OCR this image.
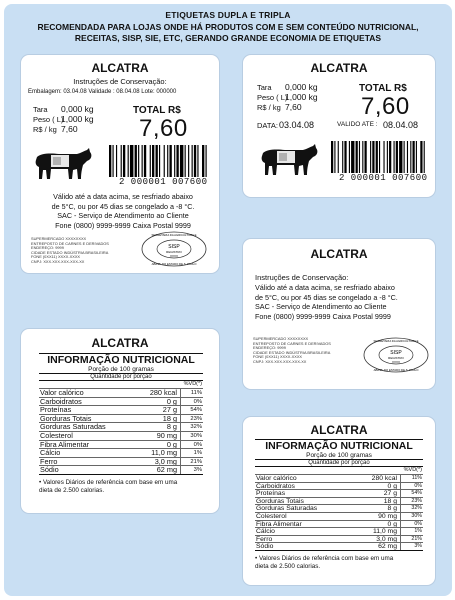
ETIQUETAS DUPLA E TRIPLA
RECOMENDADA PARA LOJAS ONDE HÁ PRODUTOS COM E SEM CONTEÚDO NUTRICIONAL, RECEITAS, SISP, SIE, ETC, GERANDO GRANDE ECONOMIA DE ETIQUETAS
ALCATRA
Instruções de Conservação:
Embalagem: 03.04.08 Validade : 08.04.08 Lote: 000000
Tara 0,000 kg
Peso ( L)
1,000 kg
R$ / kg 7,60
TOTAL R$
7,60
2 000001 007600
Válido até a data acima, se resfriado abaixo
de 5°C, ou por 45 dias se congelado a -8 °C.
SAC - Serviço de Atendimento ao Cliente
Fone (0800) 9999-9999 Caixa Postal 9999
SUPERMERCADO XXXXXXXX
ENTREPOSTO DE CARNES E DERIVADOS
ENDEREÇO: 9999
CIDADE ESTADO INDÚSTRIA BRASILEIRA
FONE (0XX11) XXXX-XXXX
CNPJ: XXX.XXX.XXX-XXX-XX
SISP
REGISTRO
XXXX
SECRETARIA DA AGRICULTURA E
ABAST. DO ESTADO DE S. PAULO
ALCATRA
Tara 0,000 kg
Peso ( L)
1,000 kg
R$ / kg 7,60
TOTAL R$
7,60
DATA: 03.04.08	VALIDO ATE : 08.04.08
2 000001 007600
ALCATRA
Instruções de Conservação:
Válido até a data acima, se resfriado abaixo
de 5°C, ou por 45 dias se congelado a -8 °C.
SAC - Serviço de Atendimento ao Cliente
Fone (0800) 9999-9999 Caixa Postal 9999
SUPERMERCADO XXXXXXXX
ENTREPOSTO DE CARNES E DERIVADOS
ENDEREÇO: 9999
CIDADE ESTADO INDÚSTRIA BRASILEIRA
FONE (0XX11) XXXX-XXXX
CNPJ: XXX.XXX.XXX-XXX-XX
SISP
REGISTRO
XXXX
SECRETARIA DA AGRICULTURA E
ABAST. DO ESTADO DE S. PAULO
ALCATRA
INFORMAÇÃO NUTRICIONAL
Porção de 100 gramas
Quantidade por porção
%VD(*)
Valor calórico	280 kcal 11%
Carboidratos	0 g	0%
Proteínas	27 g 54%
Gorduras Totais	18 g 23%
Gorduras Saturadas	8 g 32%
Colesterol	90 mg 30%
Fibra Alimentar	0 g	0%
Cálcio	11,0 mg	1%
Ferro	3,0 mg 21%
Sódio	62 mg	3%
• Valores Diários de referência com base em uma
dieta de 2.500 calorias.
ALCATRA
INFORMAÇÃO NUTRICIONAL
Porção de 100 gramas
Quantidade por porção
%VD(*)
Valor calórico	280 kcal	11%
Carboidratos	0 g	0%
Proteínas	27 g	54%
Gorduras Totais	18 g	23%
Gorduras Saturadas	8 g	32%
Colesterol	90 mg	30%
Fibra Alimentar	0 g	0%
Cálcio	11,0 mg	1%
Ferro	3,0 mg	21%
Sódio	62 mg	3%
• Valores Diários de referência com base em uma
dieta de 2.500 calorias.
